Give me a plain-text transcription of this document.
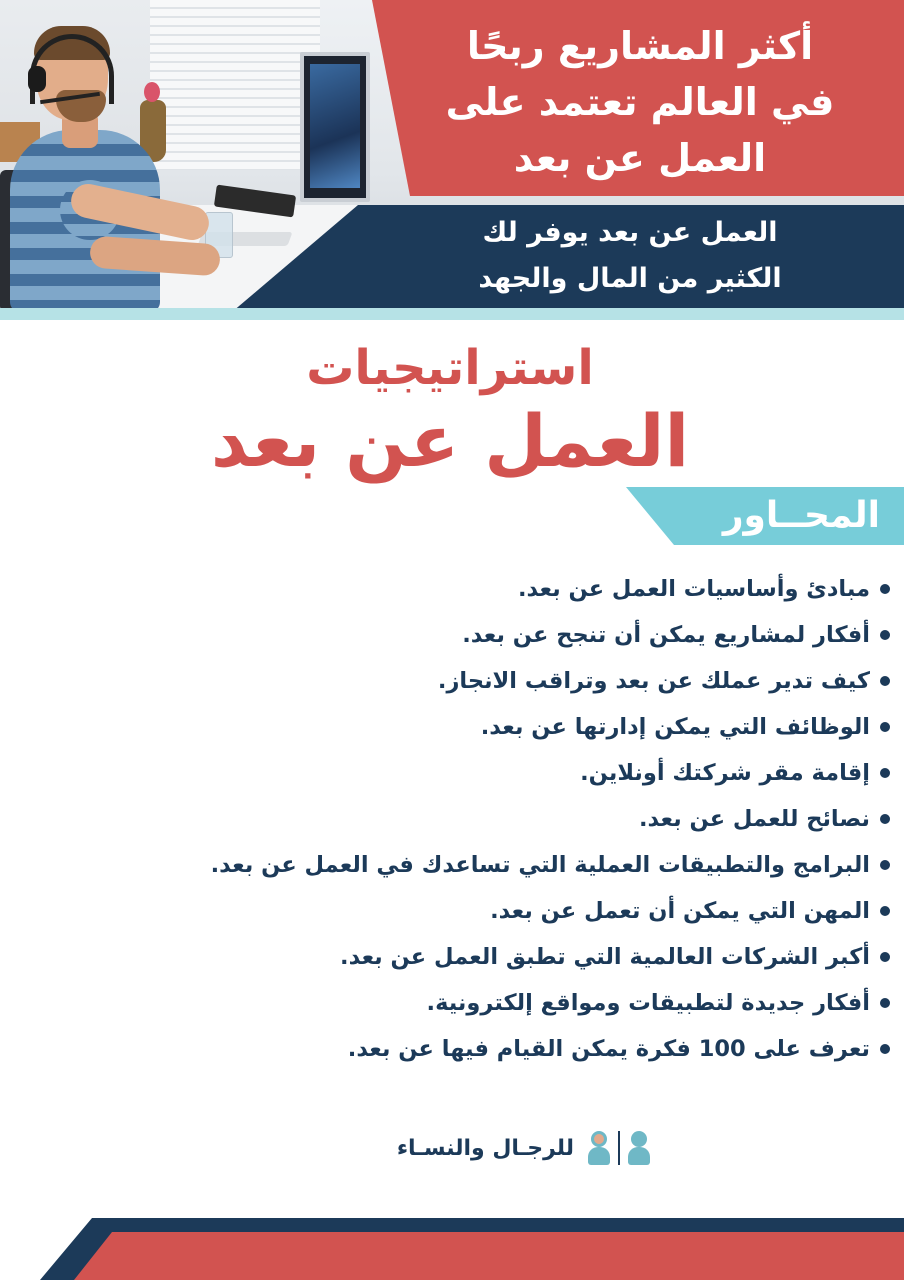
أكثر المشاريع ربحًا
في العالم تعتمد على
العمل عن بعد
العمل عن بعد يوفر لك
الكثير من المال والجهد
استراتيجيات
العمل عن بعد
المحــاور
مبادئ وأساسيات العمل عن بعد.
أفكار لمشاريع يمكن أن تنجح عن بعد.
كيف تدير عملك عن بعد وتراقب الانجاز.
الوظائف التي يمكن إدارتها عن بعد.
إقامة مقر شركتك أونلاين.
نصائح للعمل عن بعد.
البرامج والتطبيقات العملية التي تساعدك في العمل عن بعد.
المهن التي يمكن أن تعمل عن بعد.
أكبر الشركات العالمية التي تطبق العمل عن بعد.
أفكار جديدة لتطبيقات ومواقع إلكترونية.
تعرف على 100 فكرة يمكن القيام فيها عن بعد.
للرجـال والنسـاء
